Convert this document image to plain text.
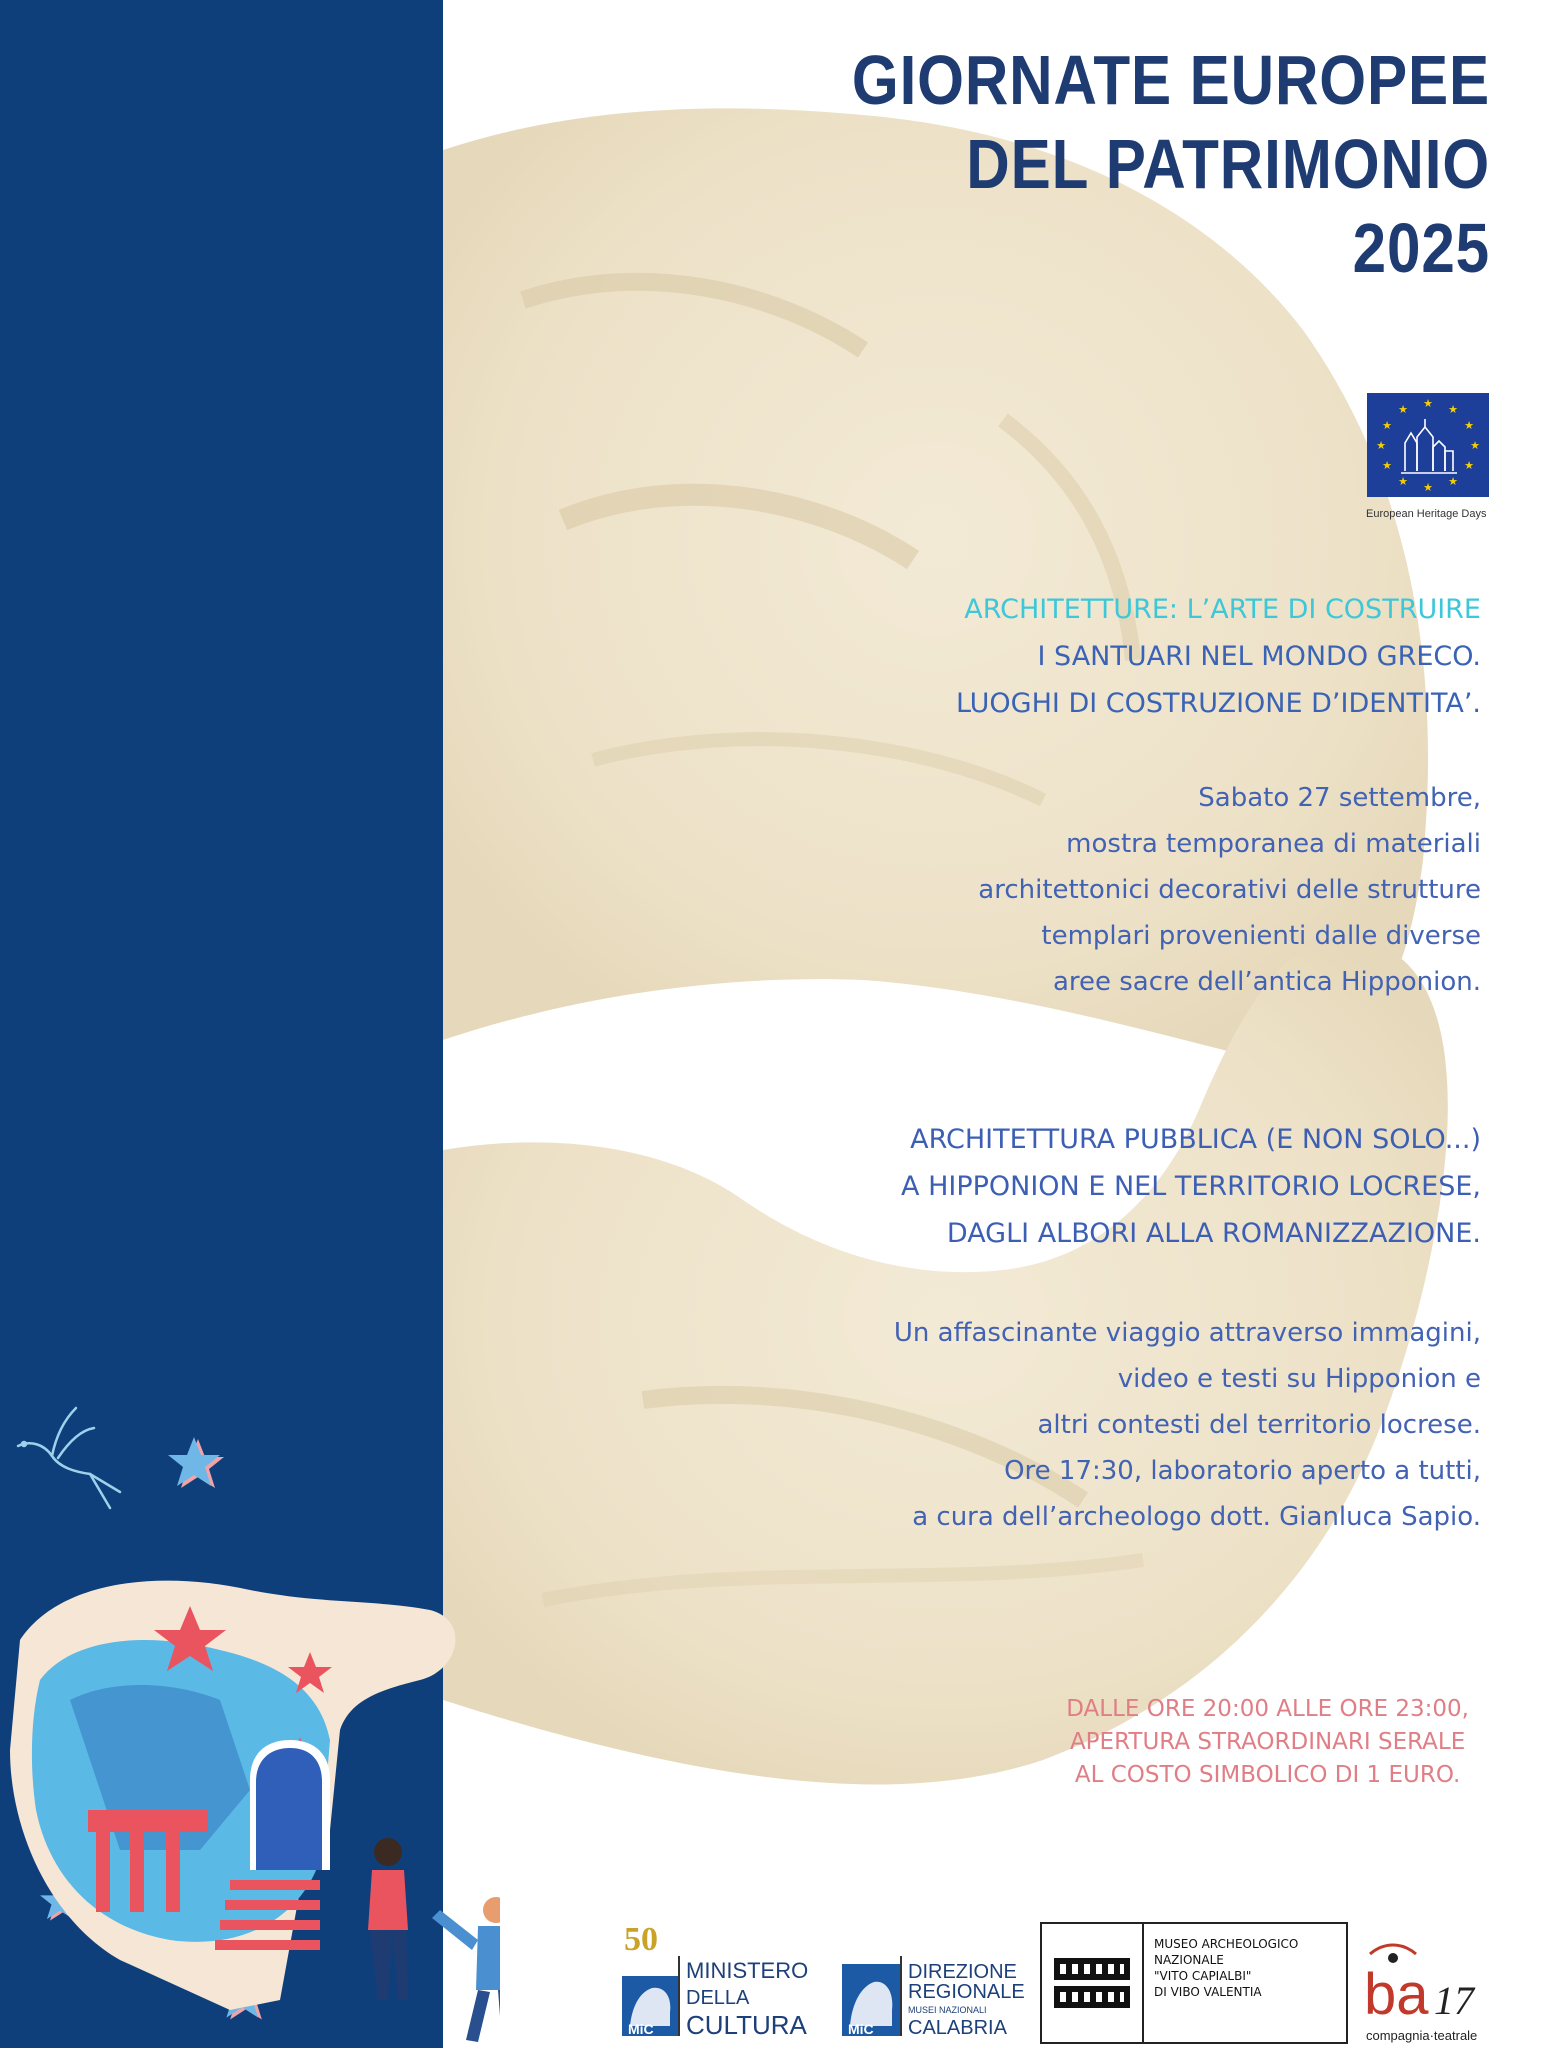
GIORNATE EUROPEE
DEL PATRIMONIO
2025
★ ★
★
★
★
★
★
★
★
★
★
★
European Heritage Days
ARCHITETTURE: L’ARTE DI COSTRUIRE
I SANTUARI NEL MONDO GRECO.
LUOGHI DI COSTRUZIONE D’IDENTITA’.
Sabato 27 settembre,
mostra temporanea di materiali
architettonici decorativi delle strutture
templari provenienti dalle diverse
aree sacre dell’antica Hipponion.
ARCHITETTURA PUBBLICA (E NON SOLO...)
A HIPPONION E NEL TERRITORIO LOCRESE,
DAGLI ALBORI ALLA ROMANIZZAZIONE.
Un affascinante viaggio attraverso immagini,
video e testi su Hipponion e
altri contesti del territorio locrese.
Ore 17:30, laboratorio aperto a tutti,
a cura dell’archeologo dott. Gianluca Sapio.
DALLE ORE 20:00 ALLE ORE 23:00,
APERTURA STRAORDINARI SERALE
AL COSTO SIMBOLICO DI 1 EURO.
50
MiC
MINISTERO
DELLA
CULTURA	MiC
DIREZIONE
REGIONALE
MUSEI NAZIONALI
CALABRIA
MUSEO ARCHEOLOGICO
NAZIONALE
"VITO CAPIALBI"
DI VIBO VALENTIA	ba 17
compagnia·teatrale
